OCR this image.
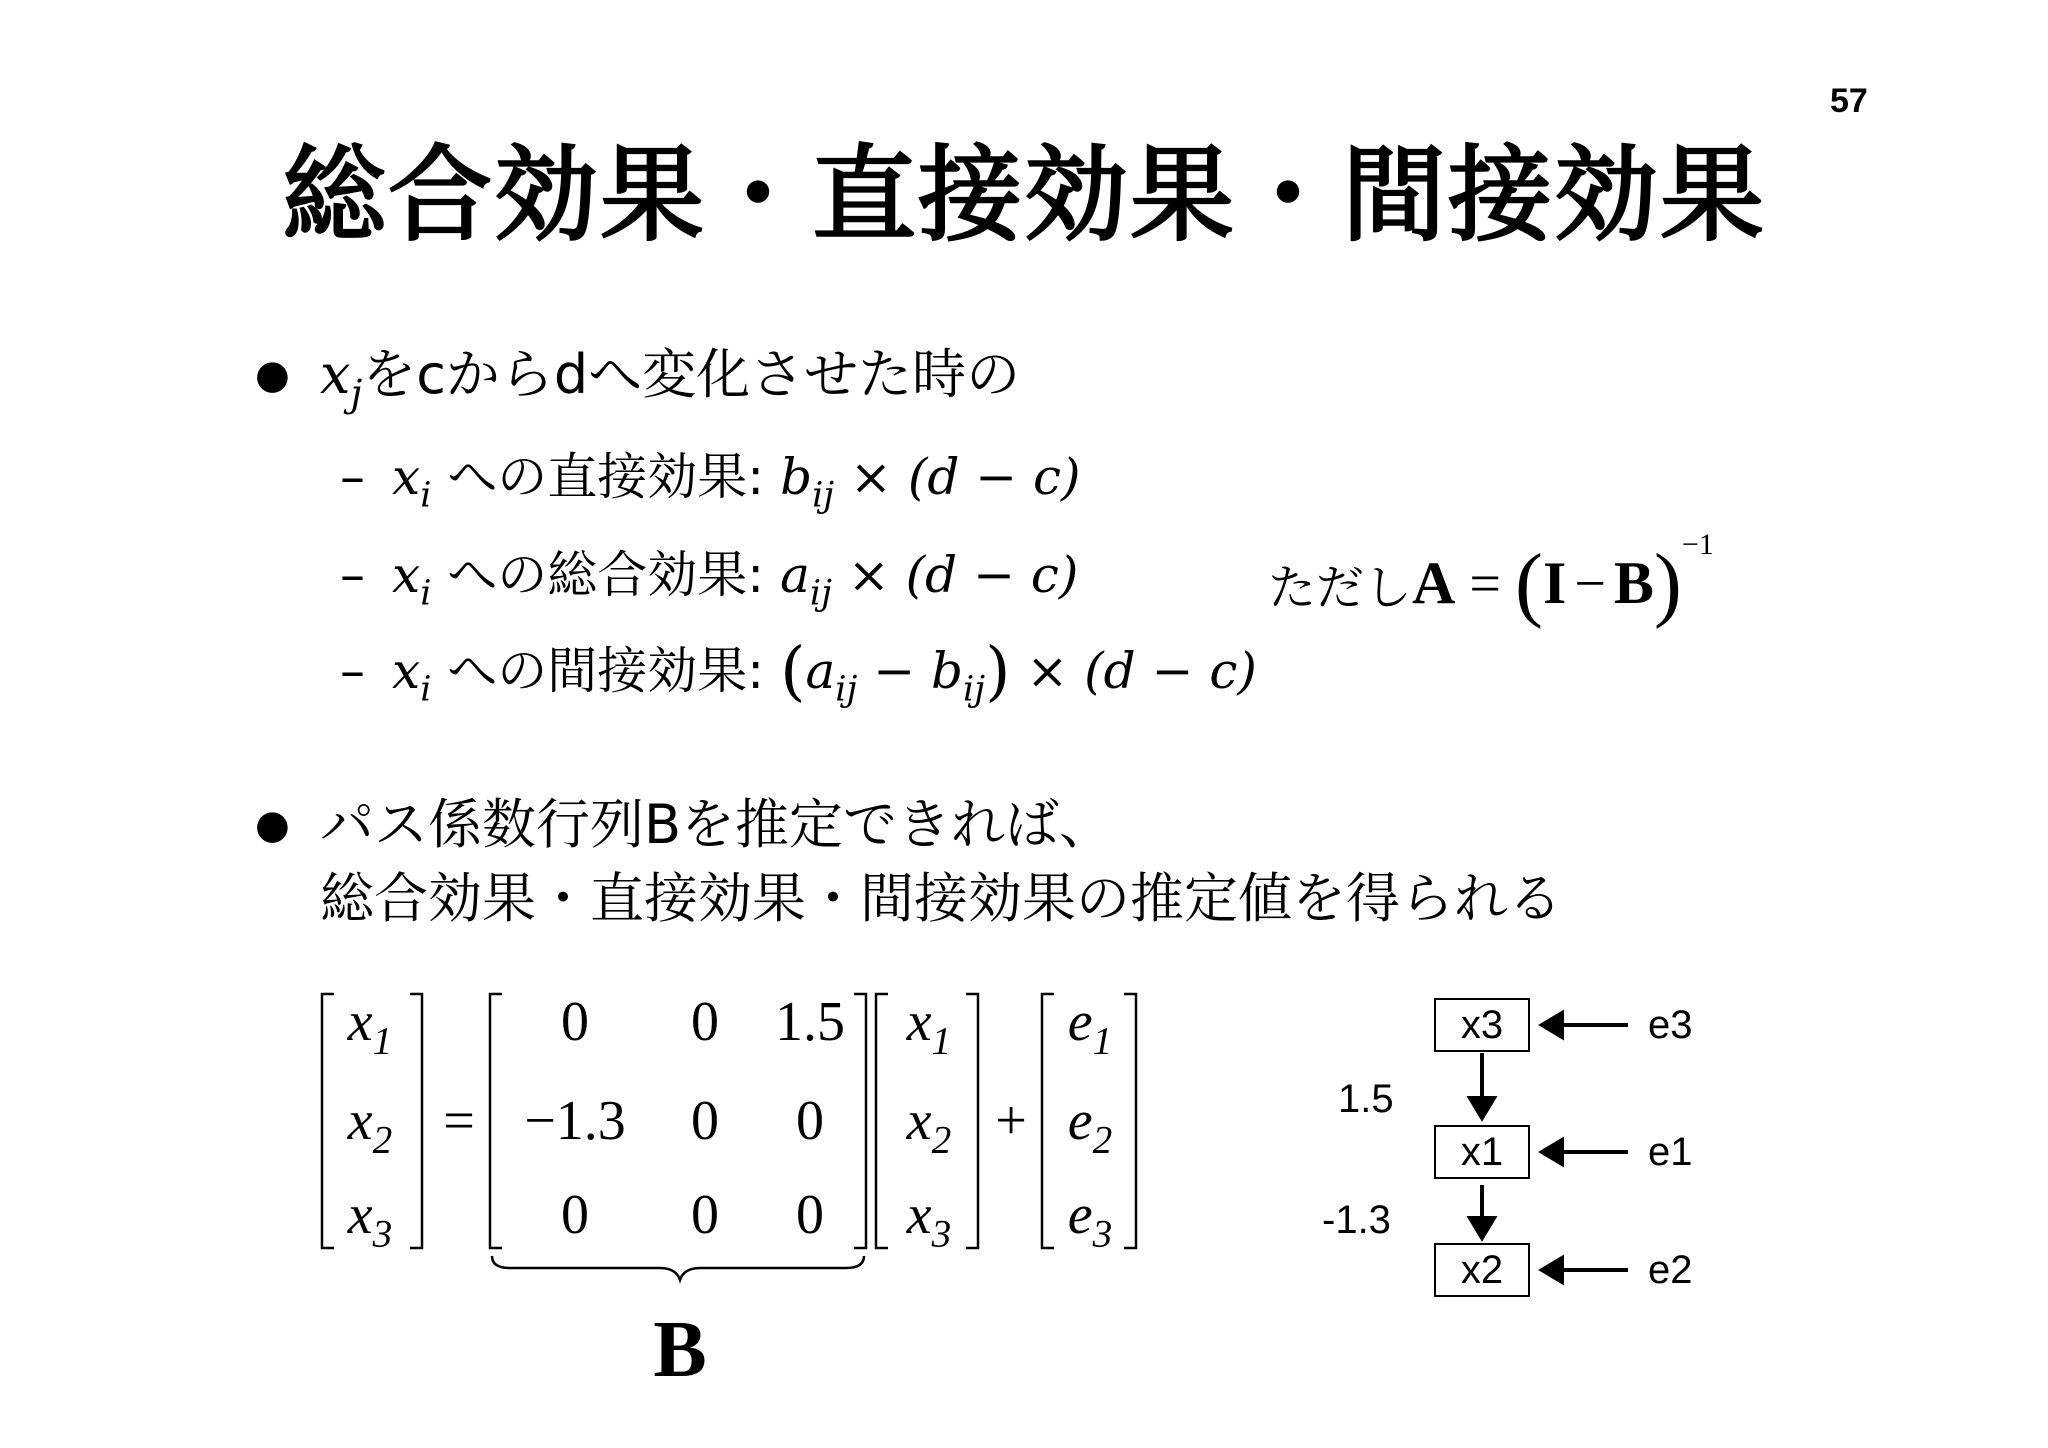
57
総合効果・直接効果・間接効果
● $x_j$をcからdへ変化させた時の
– $x_i$ への直接効果: $b_{ij} \times (d - c)$
– $x_i$ への総合効果: $a_{ij} \times (d - c)$	ただしA = (I − B)−1
– $x_i$ への間接効果: $(a_{ij} - b_{ij}) \times (d - c)$
● パス係数行列Bを推定できれば、
総合効果・直接効果・間接効果の推定値を得られる
$x_1$
$x_2$
$x_3$
=
0	0	1.5
−1.3	0	0
0	0	0
$x_1$
$x_2$
$x_3$
+
$e_1$
$e_2$
$e_3$
B
x3
x1
x2
e3
e1
e2
1.5
-1.3
